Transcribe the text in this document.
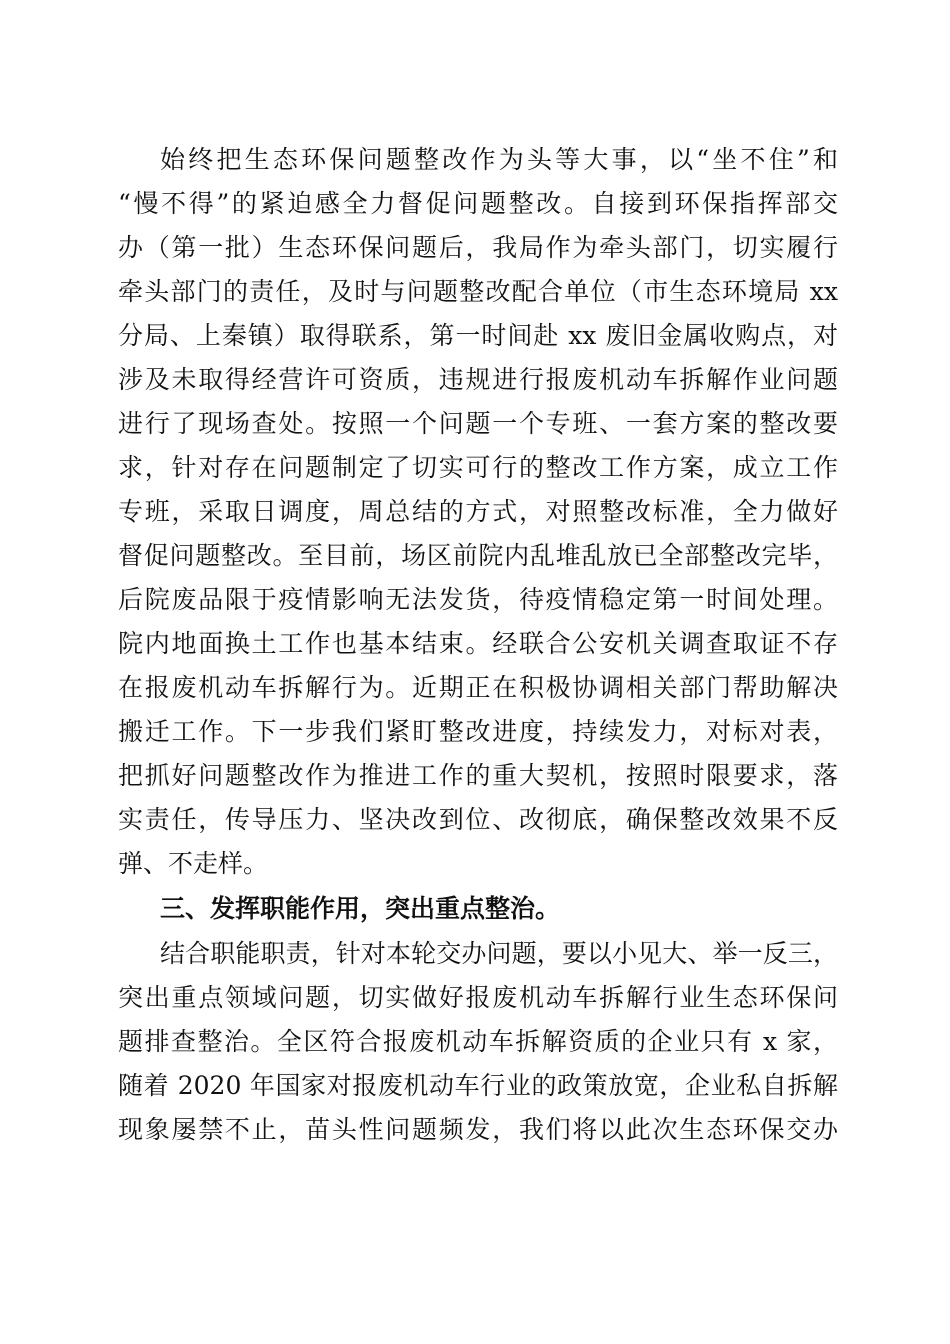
始终把生态环保问题整改作为头等大事，以“坐不住”和
“慢不得”的紧迫感全力督促问题整改。自接到环保指挥部交
办（第一批）生态环保问题后，我局作为牵头部门，切实履行
牵头部门的责任，及时与问题整改配合单位（市生态环境局 xx
分局、上秦镇）取得联系，第一时间赴 xx 废旧金属收购点，对
涉及未取得经营许可资质，违规进行报废机动车拆解作业问题
进行了现场查处。按照一个问题一个专班、一套方案的整改要
求，针对存在问题制定了切实可行的整改工作方案，成立工作
专班，采取日调度，周总结的方式，对照整改标准，全力做好
督促问题整改。至目前，场区前院内乱堆乱放已全部整改完毕，
后院废品限于疫情影响无法发货，待疫情稳定第一时间处理。
院内地面换土工作也基本结束。经联合公安机关调查取证不存
在报废机动车拆解行为。近期正在积极协调相关部门帮助解决
搬迁工作。下一步我们紧盯整改进度，持续发力，对标对表，
把抓好问题整改作为推进工作的重大契机，按照时限要求，落
实责任，传导压力、坚决改到位、改彻底，确保整改效果不反
弹、不走样。
三、发挥职能作用，突出重点整治。
结合职能职责，针对本轮交办问题，要以小见大、举一反三，
突出重点领域问题，切实做好报废机动车拆解行业生态环保问
题排查整治。全区符合报废机动车拆解资质的企业只有 x 家，
随着 2020 年国家对报废机动车行业的政策放宽，企业私自拆解
现象屡禁不止，苗头性问题频发，我们将以此次生态环保交办
